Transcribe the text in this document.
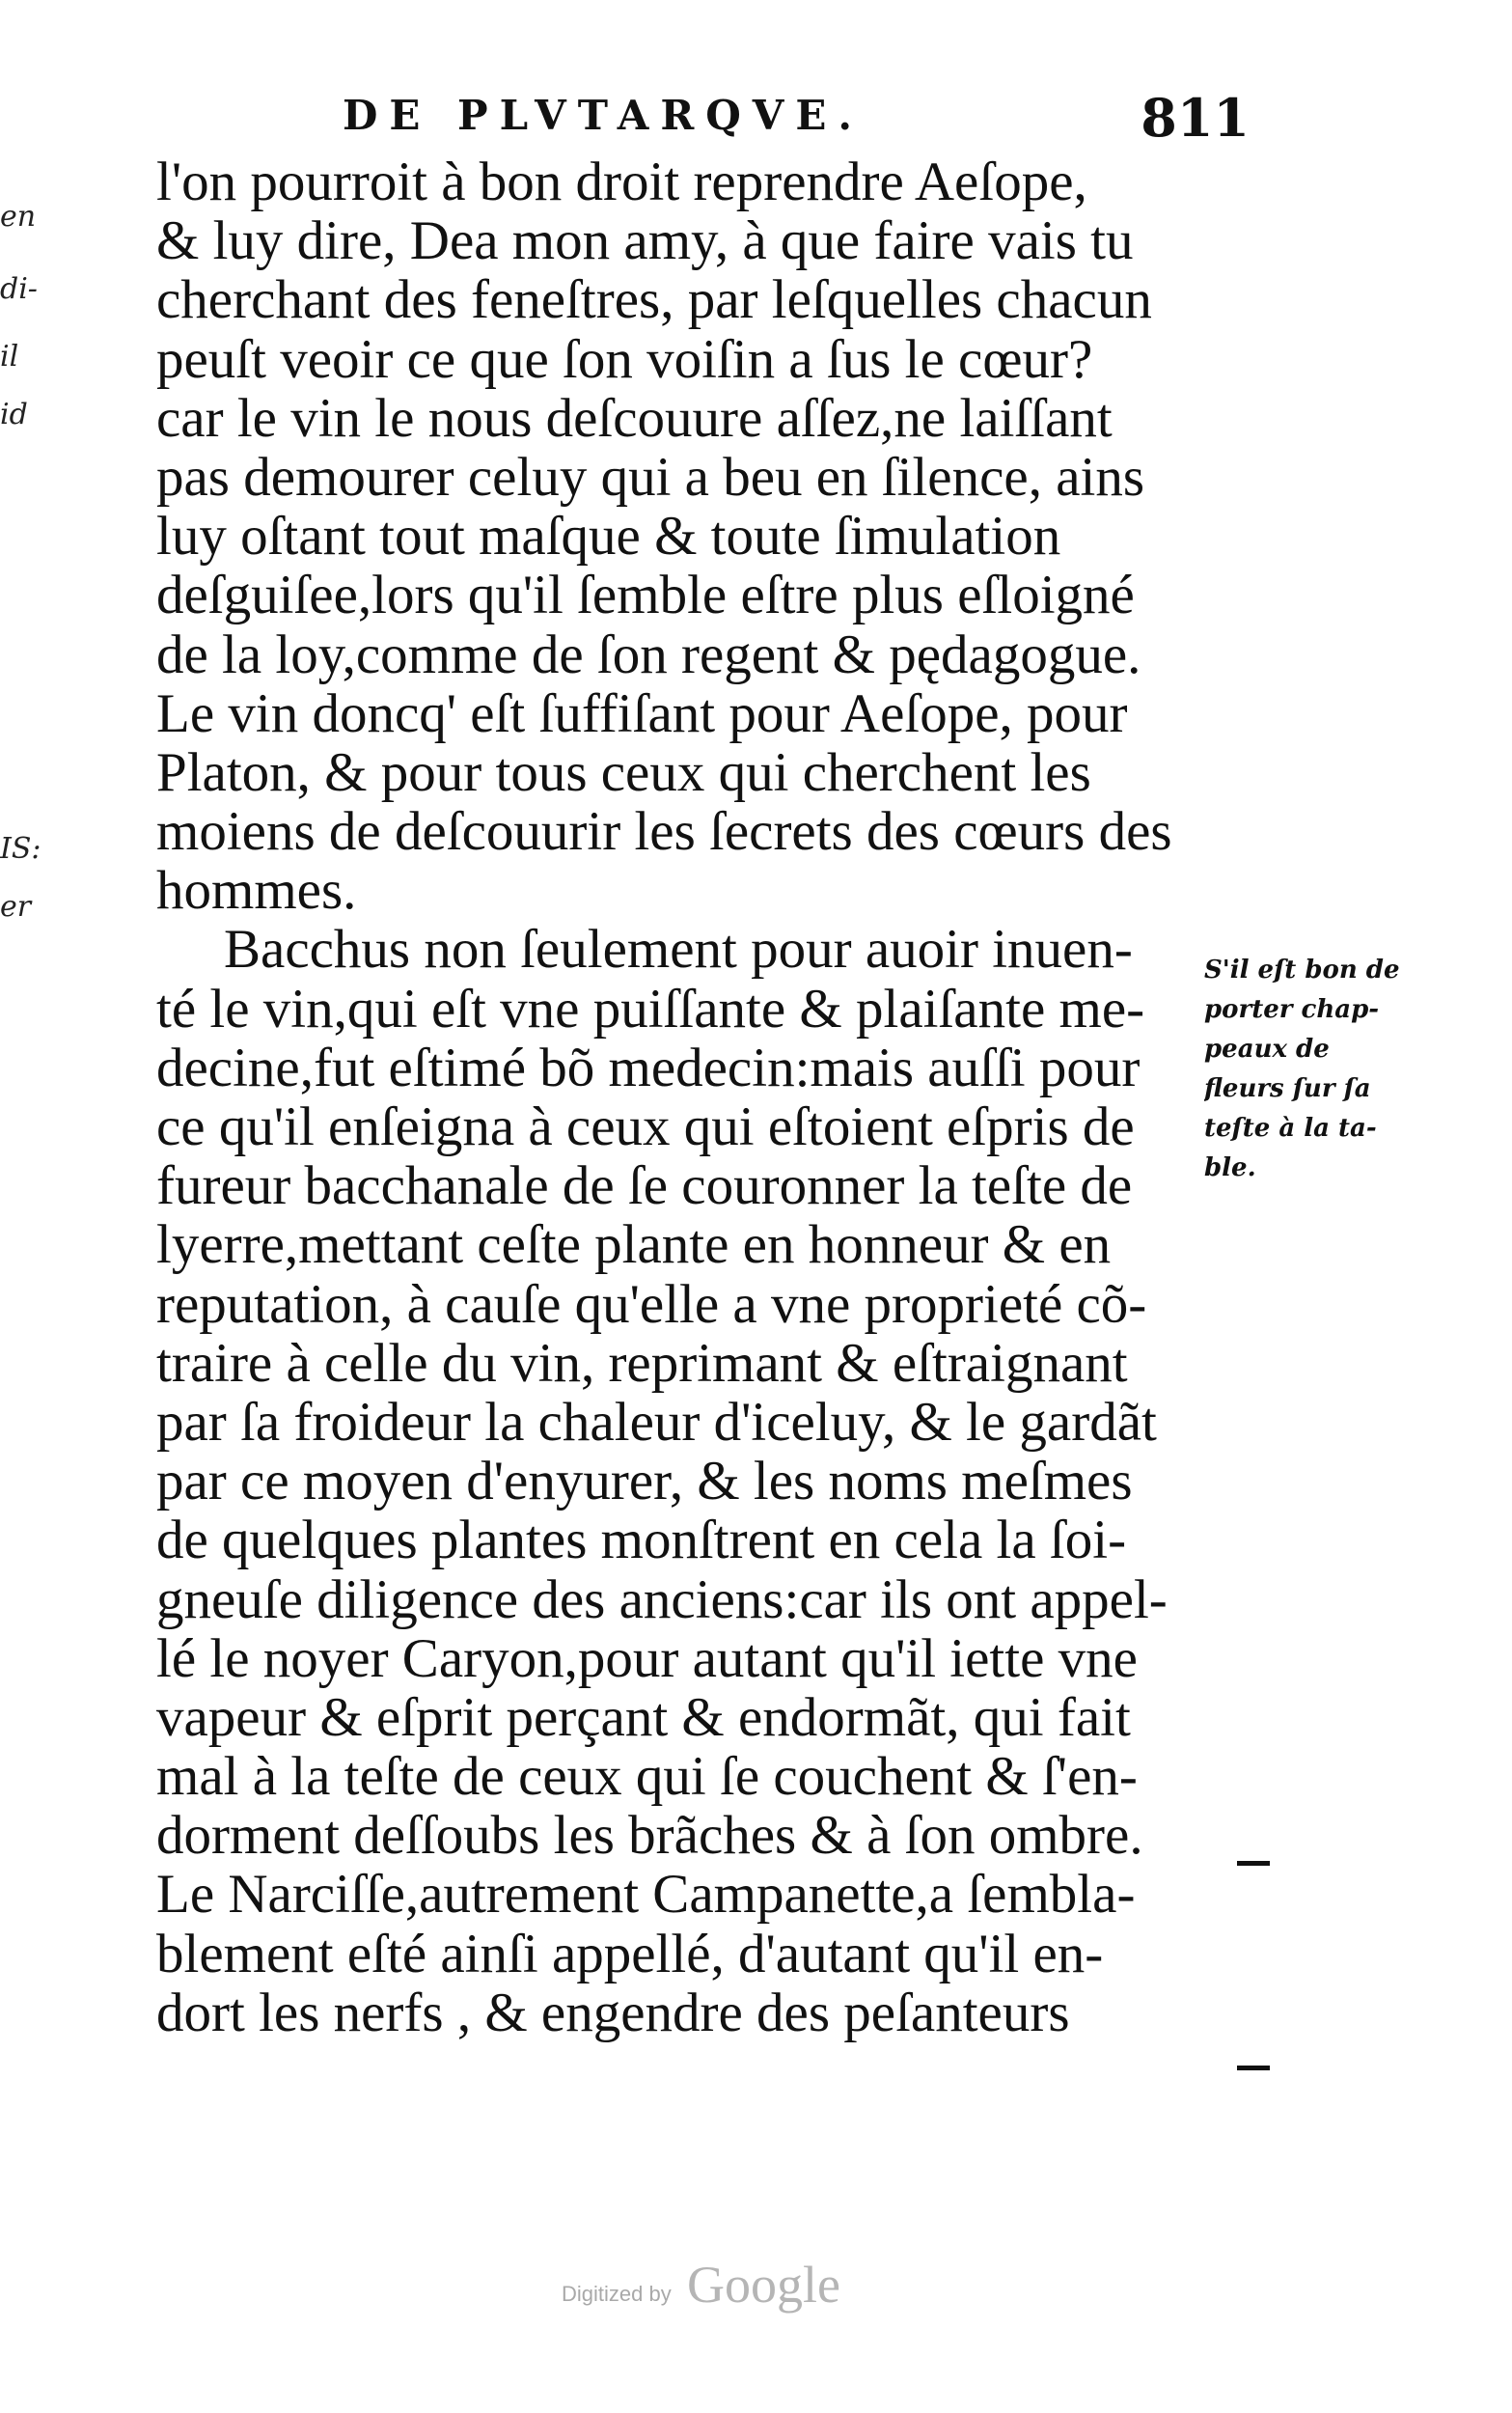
en
di-
il
id
IS:
er
DE PLVTARQVE.	811
l'on pourroit à bon droit reprendre Aeſope,
& luy dire, Dea mon amy, à que faire vais tu
cherchant des feneſtres, par leſquelles chacun
peuſt veoir ce que ſon voiſin a ſus le cœur?
car le vin le nous deſcouure aſſez,ne laiſſant
pas demourer celuy qui a beu en ſilence, ains
luy oſtant tout maſque & toute ſimulation
deſguiſee,lors qu'il ſemble eſtre plus eſloigné
de la loy,comme de ſon regent & pędagogue.
Le vin doncq' eſt ſuffiſant pour Aeſope, pour
Platon, & pour tous ceux qui cherchent les
moiens de deſcouurir les ſecrets des cœurs des
hommes.
Bacchus non ſeulement pour auoir inuen-
té le vin,qui eſt vne puiſſante & plaiſante me-
decine,fut eſtimé bõ medecin:mais auſſi pour
ce qu'il enſeigna à ceux qui eſtoient eſpris de
fureur bacchanale de ſe couronner la teſte de
lyerre,mettant ceſte plante en honneur & en
reputation, à cauſe qu'elle a vne proprieté cõ-
traire à celle du vin, reprimant & eſtraignant
par ſa froideur la chaleur d'iceluy, & le gardãt
par ce moyen d'enyurer, & les noms meſmes
de quelques plantes monſtrent en cela la ſoi-
gneuſe diligence des anciens:car ils ont appel-
lé le noyer Caryon,pour autant qu'il iette vne
vapeur & eſprit perçant & endormãt, qui fait
mal à la teſte de ceux qui ſe couchent & ſ'en-
dorment deſſoubs les brãches & à ſon ombre.
Le Narciſſe,autrement Campanette,a ſembla-
blement eſté ainſi appellé, d'autant qu'il en-
dort les nerfs , & engendre des peſanteurs
S'il eſt bon de
porter chap-
peaux de
fleurs ſur ſa
teſte à la ta-
ble.
Digitized by Google
